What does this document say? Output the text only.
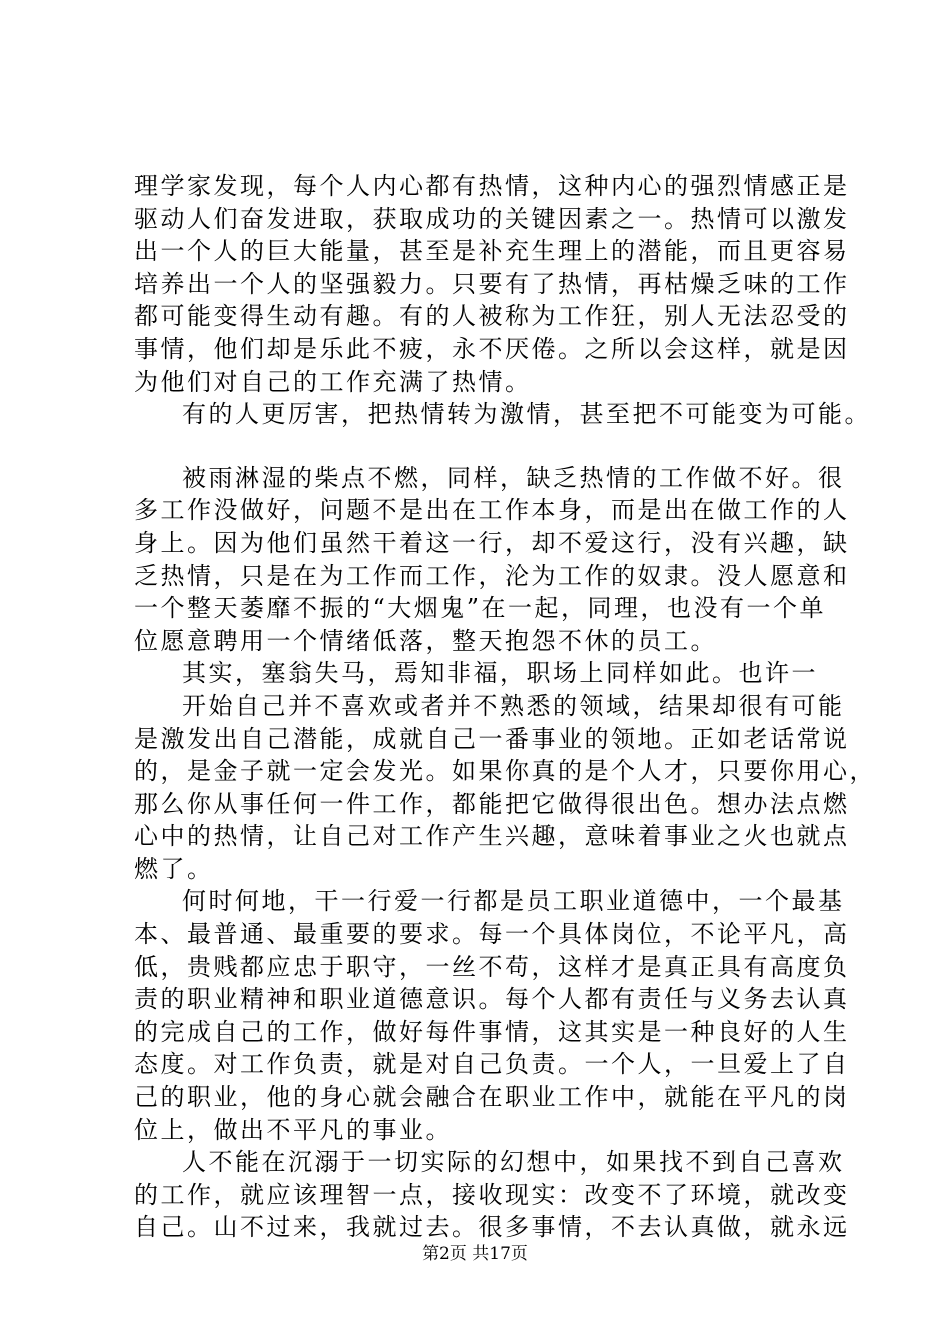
理学家发现，每个人内心都有热情，这种内心的强烈情感正是
驱动人们奋发进取，获取成功的关键因素之一。热情可以激发
出一个人的巨大能量，甚至是补充生理上的潜能，而且更容易
培养出一个人的坚强毅力。只要有了热情，再枯燥乏味的工作
都可能变得生动有趣。有的人被称为工作狂，别人无法忍受的
事情，他们却是乐此不疲，永不厌倦。之所以会这样，就是因
为他们对自己的工作充满了热情。
有的人更厉害，把热情转为激情，甚至把不可能变为可能。
被雨淋湿的柴点不燃，同样，缺乏热情的工作做不好。很
多工作没做好，问题不是出在工作本身，而是出在做工作的人
身上。因为他们虽然干着这一行，却不爱这行，没有兴趣，缺
乏热情，只是在为工作而工作，沦为工作的奴隶。没人愿意和
一个整天萎靡不振的“大烟鬼”在一起，同理，也没有一个单
位愿意聘用一个情绪低落，整天抱怨不休的员工。
其实，塞翁失马，焉知非福，职场上同样如此。也许一
开始自己并不喜欢或者并不熟悉的领域，结果却很有可能
是激发出自己潜能，成就自己一番事业的领地。正如老话常说
的，是金子就一定会发光。如果你真的是个人才，只要你用心，
那么你从事任何一件工作，都能把它做得很出色。想办法点燃
心中的热情，让自己对工作产生兴趣，意味着事业之火也就点
燃了。
何时何地，干一行爱一行都是员工职业道德中，一个最基
本、最普通、最重要的要求。每一个具体岗位，不论平凡，高
低，贵贱都应忠于职守，一丝不苟，这样才是真正具有高度负
责的职业精神和职业道德意识。每个人都有责任与义务去认真
的完成自己的工作，做好每件事情，这其实是一种良好的人生
态度。对工作负责，就是对自己负责。一个人，一旦爱上了自
己的职业，他的身心就会融合在职业工作中，就能在平凡的岗
位上，做出不平凡的事业。
人不能在沉溺于一切实际的幻想中，如果找不到自己喜欢
的工作，就应该理智一点，接收现实：改变不了环境，就改变
自己。山不过来，我就过去。很多事情，不去认真做，就永远
第2页 共17页
